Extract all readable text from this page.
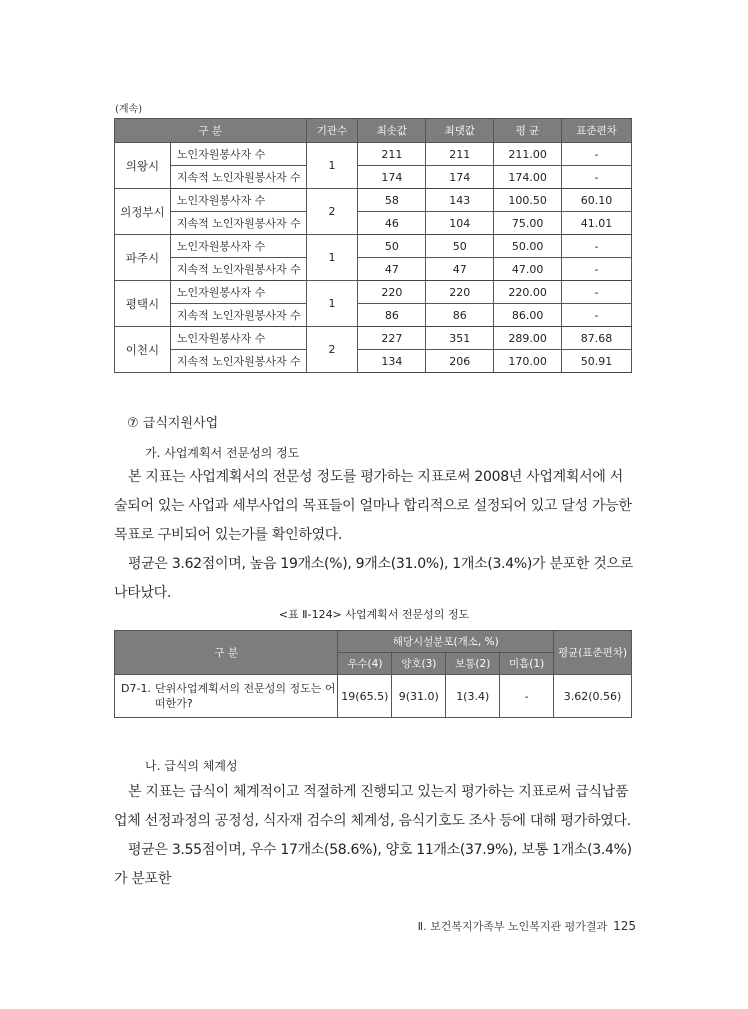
(계속)
구 분		기관수	최솟값	최댓값	평 균	표준편차
의왕시	노인자원봉사자 수	1	211	211	211.00	-
	지속적 노인자원봉사자 수		174	174	174.00	-
의정부시	노인자원봉사자 수	2	58	143	100.50	60.10
	지속적 노인자원봉사자 수		46	104	75.00	41.01
파주시	노인자원봉사자 수	1	50	50	50.00	-
	지속적 노인자원봉사자 수		47	47	47.00	-
평택시	노인자원봉사자 수	1	220	220	220.00	-
	지속적 노인자원봉사자 수		86	86	86.00	-
이천시	노인자원봉사자 수	2	227	351	289.00	87.68
	지속적 노인자원봉사자 수		134	206	170.00	50.91
⑦ 급식지원사업
가. 사업계획서 전문성의 정도

본 지표는 사업계획서의 전문성 정도를 평가하는 지표로써 2008년 사업계획서에 서술되어 있는 사업과 세부사업의 목표들이 얼마나 합리적으로 설정되어 있고 달성 가능한 목표로 구비되어 있는가를 확인하였다.

평균은 3.62점이며, 높음 19개소(%), 9개소(31.0%), 1개소(3.4%)가 분포한 것으로 나타났다.

<표 Ⅱ-124> 사업계획서 전문성의 정도
구 분	해당시설분포(개소, %)				평균(표준편차)
	우수(4)	양호(3)	보통(2)	미흡(1)	

D7-1. 단위사업계획서의 전문성의 정도는 어떠한가?	19(65.5)	9(31.0)	1(3.4)	-	3.62(0.56)
나. 급식의 체계성

본 지표는 급식이 체계적이고 적절하게 진행되고 있는지 평가하는 지표로써 급식납품업체 선정과정의 공정성, 식자재 검수의 체계성, 음식기호도 조사 등에 대해 평가하였다.

평균은 3.55점이며, 우수 17개소(58.6%), 양호 11개소(37.9%), 보통 1개소(3.4%)가 분포한

Ⅱ. 보건복지가족부 노인복지관 평가결과 125
